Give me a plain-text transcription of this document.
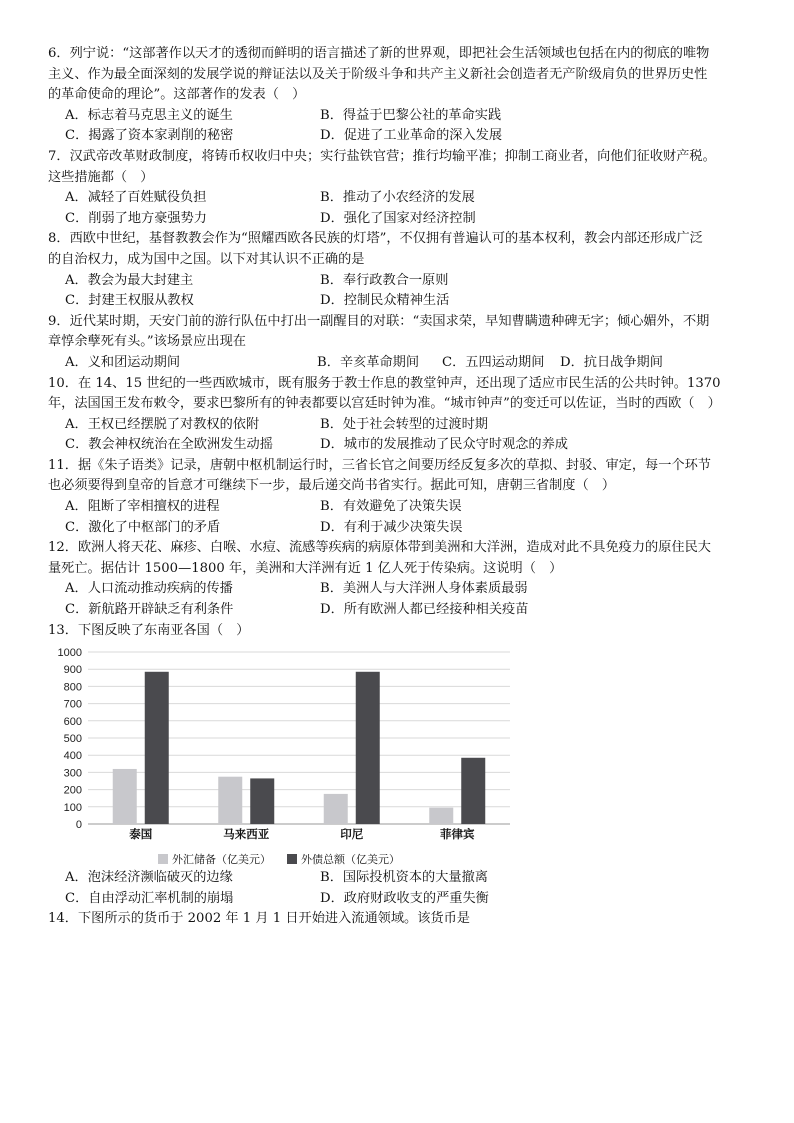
6．列宁说：“这部著作以天才的透彻而鲜明的语言描述了新的世界观，即把社会生活领域也包括在内的彻底的唯物

主义、作为最全面深刻的发展学说的辩证法以及关于阶级斗争和共产主义新社会创造者无产阶级肩负的世界历史性

的革命使命的理论”。这部著作的发表（　）

A．标志着马克思主义的诞生	B．得益于巴黎公社的革命实践
C．揭露了资本家剥削的秘密	D．促进了工业革命的深入发展

7．汉武帝改革财政制度，将铸币权收归中央；实行盐铁官营；推行均输平准；抑制工商业者，向他们征收财产税。

这些措施都（　）

A．减轻了百姓赋役负担	B．推动了小农经济的发展
C．削弱了地方豪强势力	D．强化了国家对经济控制

8．西欧中世纪，基督教教会作为“照耀西欧各民族的灯塔”，不仅拥有普遍认可的基本权利，教会内部还形成广泛

的自治权力，成为国中之国。以下对其认识不正确的是

A．教会为最大封建主	B．奉行政教合一原则
C．封建王权服从教权	D．控制民众精神生活

9．近代某时期，天安门前的游行队伍中打出一副醒目的对联：“卖国求荣，早知曹瞒遗种碑无字；倾心媚外，不期

章惇余孽死有头。”该场景应出现在

A．义和团运动期间	B．辛亥革命期间	C．五四运动期间	D．抗日战争期间

10．在 14、15 世纪的一些西欧城市，既有服务于教士作息的教堂钟声，还出现了适应市民生活的公共时钟。1370

年，法国国王发布敕令，要求巴黎所有的钟表都要以宫廷时钟为准。“城市钟声”的变迁可以佐证，当时的西欧（　）

A．王权已经摆脱了对教权的依附	B．处于社会转型的过渡时期
C．教会神权统治在全欧洲发生动摇	D．城市的发展推动了民众守时观念的养成

11．据《朱子语类》记录，唐朝中枢机制运行时，三省长官之间要历经反复多次的草拟、封驳、审定，每一个环节

也必须要得到皇帝的旨意才可继续下一步，最后递交尚书省实行。据此可知，唐朝三省制度（　）

A．阻断了宰相擅权的进程	B．有效避免了决策失误
C．激化了中枢部门的矛盾	D．有利于减少决策失误

12．欧洲人将天花、麻疹、白喉、水痘、流感等疾病的病原体带到美洲和大洋洲，造成对此不具免疫力的原住民大

量死亡。据估计 1500—1800 年，美洲和大洋洲有近 1 亿人死于传染病。这说明（　）

A．人口流动推动疾病的传播	B．美洲人与大洋洲人身体素质最弱
C．新航路开辟缺乏有利条件	D．所有欧洲人都已经接种相关疫苗

13．下图反映了东南亚各国（　）

0
100
200
300
400
500
600
700
800
900
1000
泰国	马来西亚	印尼	菲律宾
外汇储备（亿美元）	外债总额（亿美元）
A．泡沫经济濒临破灭的边缘	B．国际投机资本的大量撤离
C．自由浮动汇率机制的崩塌	D．政府财政收支的严重失衡

14．下图所示的货币于 2002 年 1 月 1 日开始进入流通领域。该货币是
